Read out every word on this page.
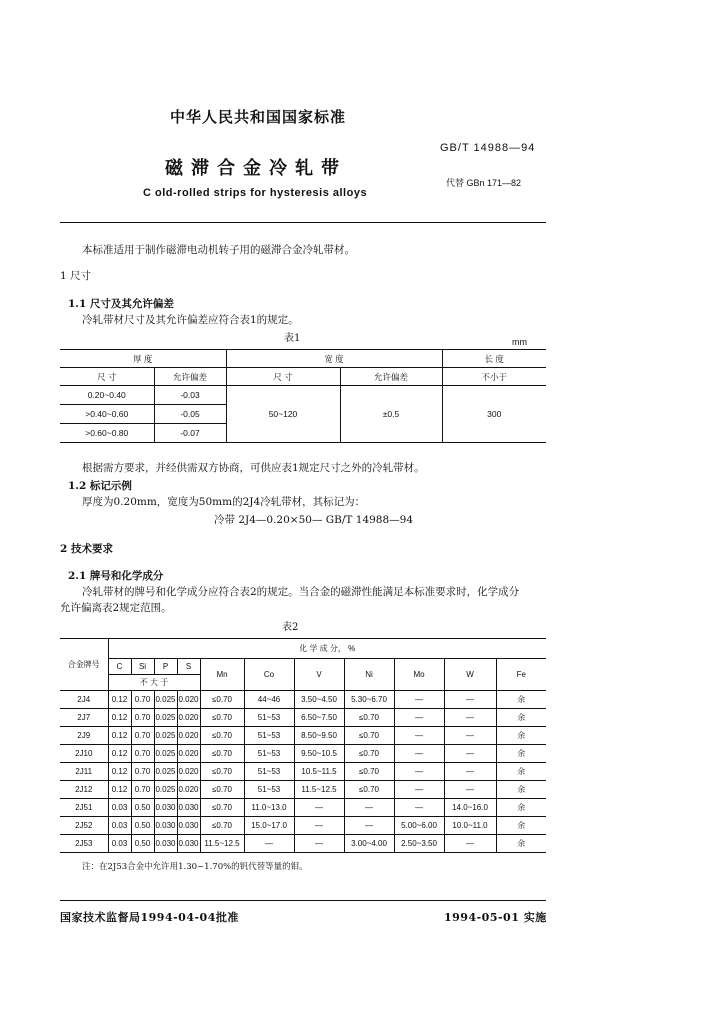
中华人民共和国国家标准
GB/T 14988—94
磁滞合金冷轧带
代替 GBn 171—82
C old-rolled strips for hysteresis alloys
本标准适用于制作磁滞电动机转子用的磁滞合金冷轧带材。
1 尺寸
1.1 尺寸及其允许偏差
冷轧带材尺寸及其允许偏差应符合表1的规定。
表1	mm
厚 度		宽 度		长 度
尺 寸	允许偏差	尺 寸	允许偏差	不小于
0.20~0.40	-0.03	50~120	±0.5	300
>0.40~0.60	-0.05			
>0.60~0.80	-0.07			
根据需方要求，并经供需双方协商，可供应表1规定尺寸之外的冷轧带材。
1.2 标记示例
厚度为0.20mm，宽度为50mm的2J4冷轧带材，其标记为：
冷带 2J4—0.20×50— GB/T 14988—94
2 技术要求
2.1 牌号和化学成分
冷轧带材的牌号和化学成分应符合表2的规定。当合金的磁滞性能满足本标准要求时，化学成分
允许偏离表2规定范围。
表2
合金牌号	化 学 成 分， %										
	C	Si	P	S	Mn	Co	V	Ni	Mo	W	Fe
	不 大 于										
2J4	0.12	0.70	0.025	0.020	≤0.70	44~46	3.50~4.50	5.30~6.70	—	—	余
2J7	0.12	0.70	0.025	0.020	≤0.70	51~53	6.50~7.50	≤0.70	—	—	余
2J9	0.12	0.70	0.025	0.020	≤0.70	51~53	8.50~9.50	≤0.70	—	—	余
2J10	0.12	0.70	0.025	0.020	≤0.70	51~53	9.50~10.5	≤0.70	—	—	余
2J11	0.12	0.70	0.025	0.020	≤0.70	51~53	10.5~11.5	≤0.70	—	—	余
2J12	0.12	0.70	0.025	0.020	≤0.70	51~53	11.5~12.5	≤0.70	—	—	余
2J51	0.03	0.50	0.030	0.030	≤0.70	11.0~13.0	—	—	—	14.0~16.0	余
2J52	0.03	0.50	0.030	0.030	≤0.70	15.0~17.0	—	—	5.00~6.00	10.0~11.0	余
2J53	0.03	0.50	0.030	0.030	11.5~12.5	—	—	3.00~4.00	2.50~3.50	—	余
注：在2J53合金中允许用1.30~1.70%的钒代替等量的钼。
国家技术监督局1994-04-04批准	1994-05-01 实施
